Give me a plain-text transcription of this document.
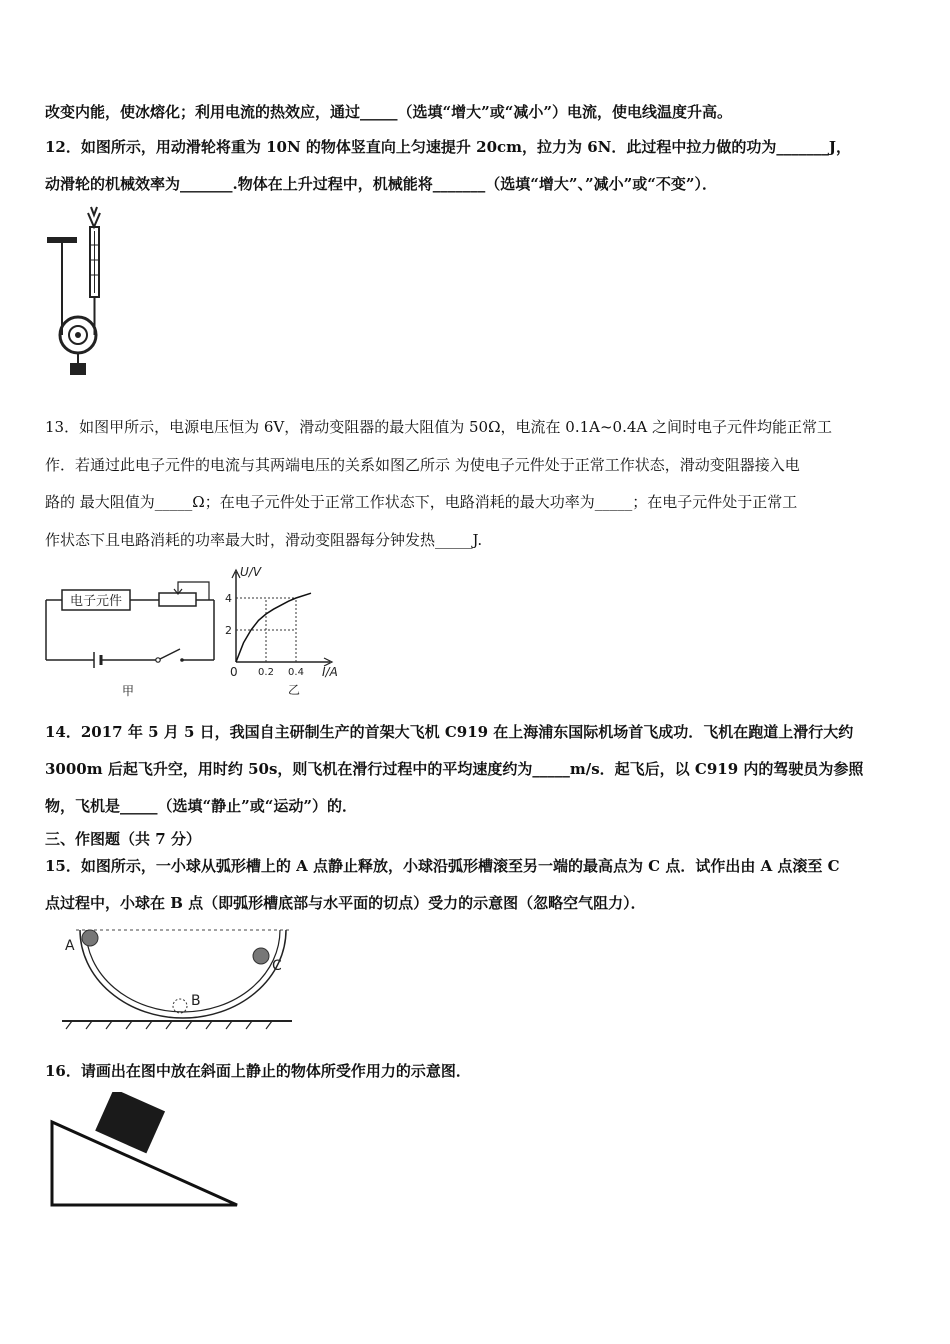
改变内能，使冰熔化；利用电流的热效应，通过_____（选填“增大”或“减小”）电流，使电线温度升高。
12．如图所示，用动滑轮将重为 10N 的物体竖直向上匀速提升 20cm，拉力为 6N．此过程中拉力做的功为_______J，
动滑轮的机械效率为_______.物体在上升过程中，机械能将_______（选填“增大”、”减小”或“不变”）．
13．如图甲所示，电源电压恒为 6V，滑动变阻器的最大阻值为 50Ω，电流在 0.1A~0.4A 之间时电子元件均能正常工
作．若通过此电子元件的电流与其两端电压的关系如图乙所示 为使电子元件处于正常工作状态，滑动变阻器接入电
路的 最大阻值为_____Ω；在电子元件处于正常工作状态下，电路消耗的最大功率为_____；在电子元件处于正常工
作状态下且电路消耗的功率最大时，滑动变阻器每分钟发热_____J.
电子元件
甲
U/V
I/A
0
乙
0.2 0.4
2
4
14．2017 年 5 月 5 日，我国自主研制生产的首架大飞机 C919 在上海浦东国际机场首飞成功．飞机在跑道上滑行大约
3000m 后起飞升空，用时约 50s，则飞机在滑行过程中的平均速度约为_____m/s．起飞后，以 C919 内的驾驶员为参照
物，飞机是_____（选填“静止”或“运动”）的．
三、作图题（共 7 分）
15．如图所示，一小球从弧形槽上的 A 点静止释放，小球沿弧形槽滚至另一端的最高点为 C 点．试作出由 A 点滚至 C
点过程中，小球在 B 点（即弧形槽底部与水平面的切点）受力的示意图（忽略空气阻力）．
A
B
C
16．请画出在图中放在斜面上静止的物体所受作用力的示意图．
